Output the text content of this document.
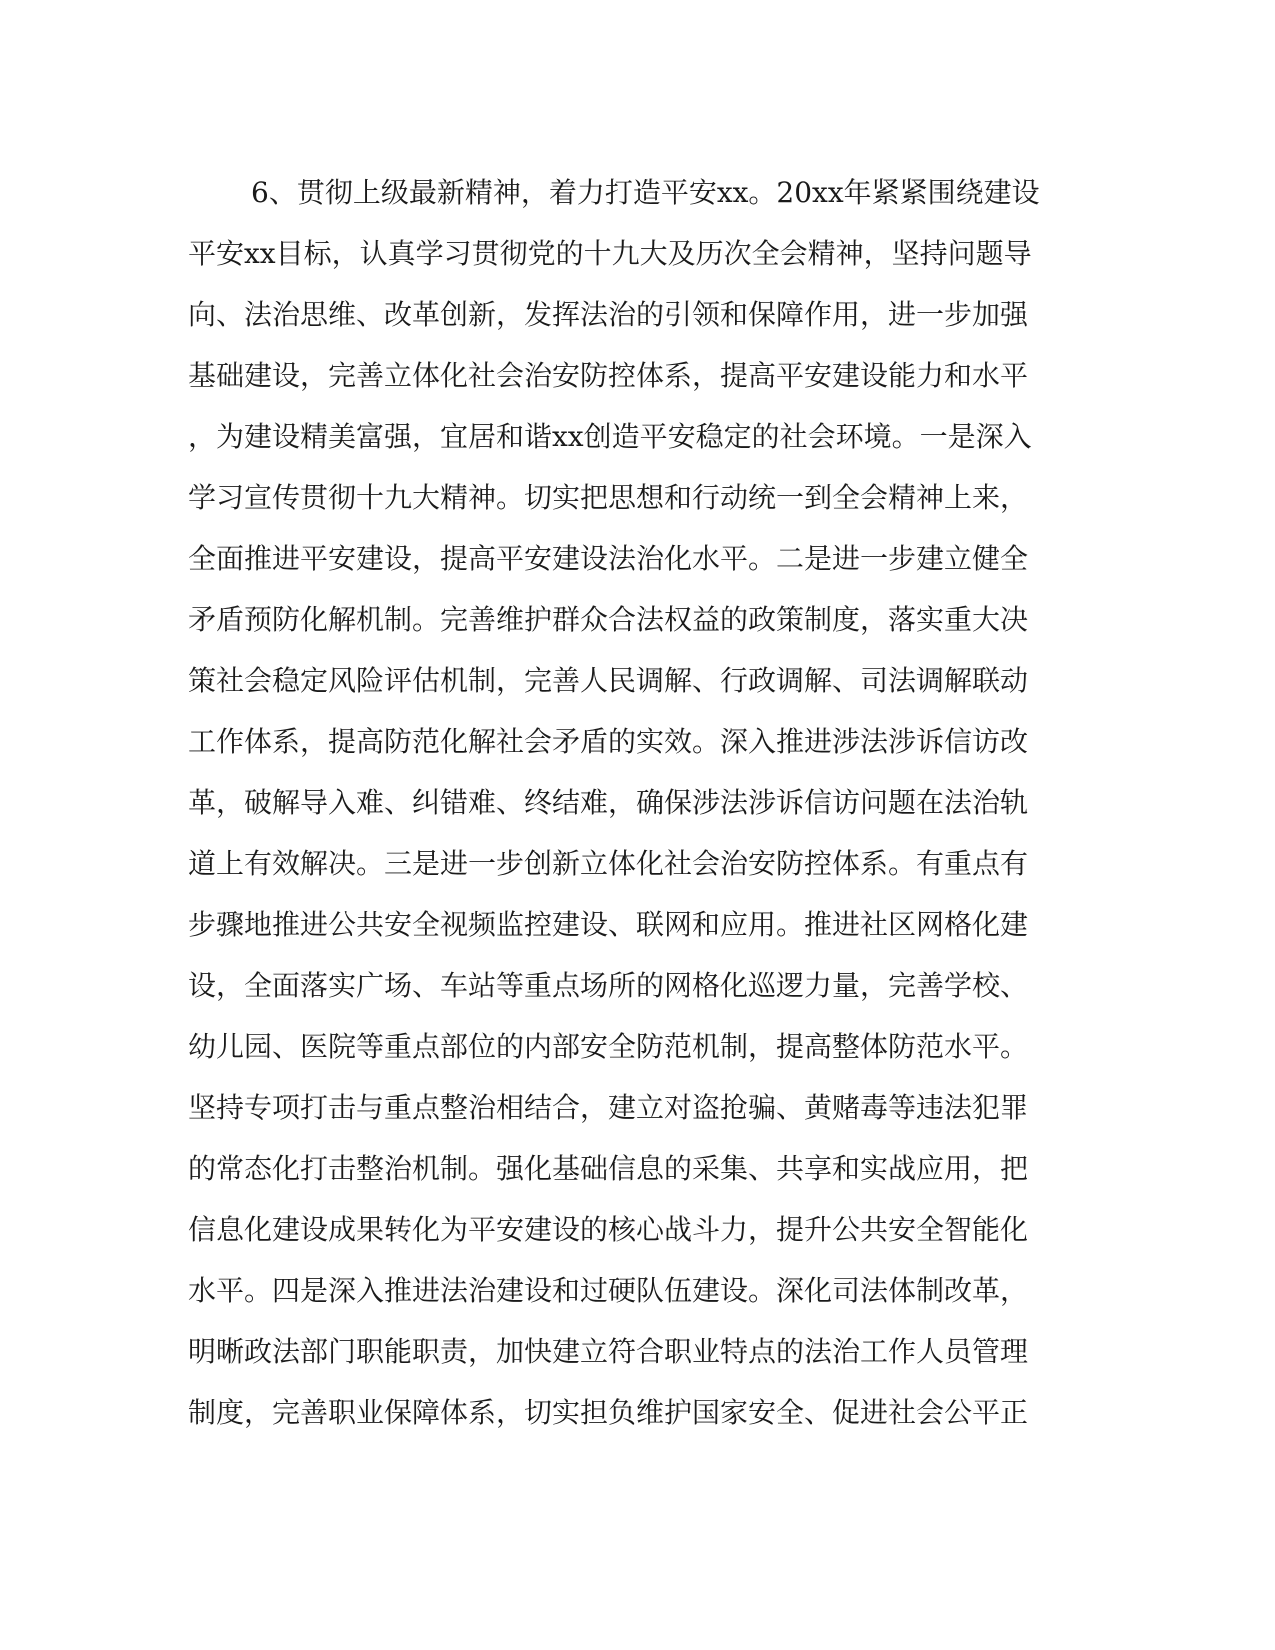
6、贯彻上级最新精神，着力打造平安xx。20xx年紧紧围绕建设
平安xx目标，认真学习贯彻党的十九大及历次全会精神，坚持问题导
向、法治思维、改革创新，发挥法治的引领和保障作用，进一步加强
基础建设，完善立体化社会治安防控体系，提高平安建设能力和水平
，为建设精美富强，宜居和谐xx创造平安稳定的社会环境。一是深入
学习宣传贯彻十九大精神。切实把思想和行动统一到全会精神上来，
全面推进平安建设，提高平安建设法治化水平。二是进一步建立健全
矛盾预防化解机制。完善维护群众合法权益的政策制度，落实重大决
策社会稳定风险评估机制，完善人民调解、行政调解、司法调解联动
工作体系，提高防范化解社会矛盾的实效。深入推进涉法涉诉信访改
革，破解导入难、纠错难、终结难，确保涉法涉诉信访问题在法治轨
道上有效解决。三是进一步创新立体化社会治安防控体系。有重点有
步骤地推进公共安全视频监控建设、联网和应用。推进社区网格化建
设，全面落实广场、车站等重点场所的网格化巡逻力量，完善学校、
幼儿园、医院等重点部位的内部安全防范机制，提高整体防范水平。
坚持专项打击与重点整治相结合，建立对盗抢骗、黄赌毒等违法犯罪
的常态化打击整治机制。强化基础信息的采集、共享和实战应用，把
信息化建设成果转化为平安建设的核心战斗力，提升公共安全智能化
水平。四是深入推进法治建设和过硬队伍建设。深化司法体制改革，
明晰政法部门职能职责，加快建立符合职业特点的法治工作人员管理
制度，完善职业保障体系，切实担负维护国家安全、促进社会公平正
